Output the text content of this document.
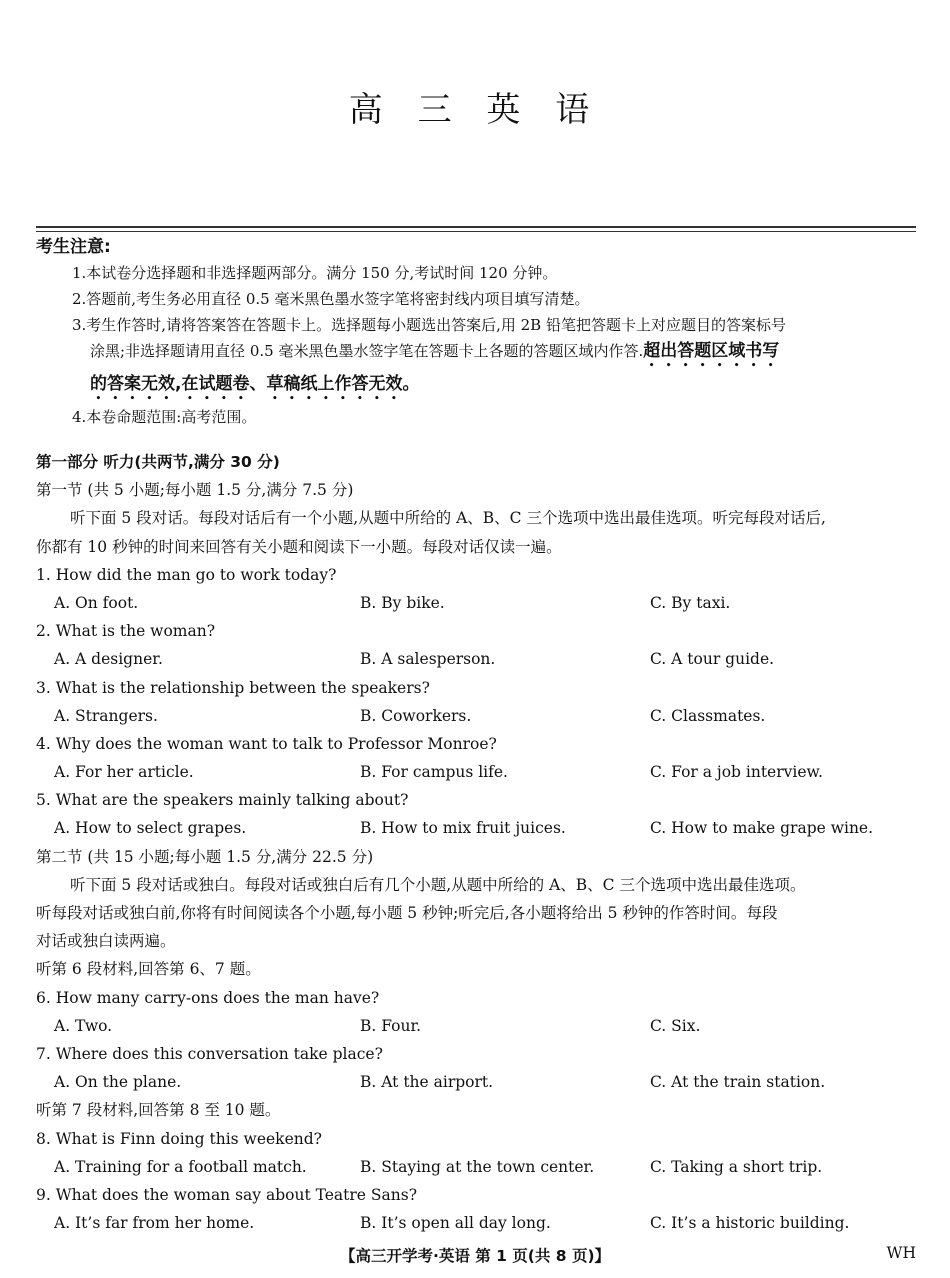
高 三 英 语
考生注意:
1.本试卷分选择题和非选择题两部分。满分 150 分,考试时间 120 分钟。
2.答题前,考生务必用直径 0.5 毫米黑色墨水签字笔将密封线内项目填写清楚。
3.考生作答时,请将答案答在答题卡上。选择题每小题选出答案后,用 2B 铅笔把答题卡上对应题目的答案标号
涂黑;非选择题请用直径 0.5 毫米黑色墨水签字笔在答题卡上各题的答题区域内作答.超出答题区域书写
的答案无效,在试题卷、草稿纸上作答无效。
4.本卷命题范围:高考范围。
第一部分 听力(共两节,满分 30 分)
第一节 (共 5 小题;每小题 1.5 分,满分 7.5 分)
听下面 5 段对话。每段对话后有一个小题,从题中所给的 A、B、C 三个选项中选出最佳选项。听完每段对话后,
你都有 10 秒钟的时间来回答有关小题和阅读下一小题。每段对话仅读一遍。
1. How did the man go to work today?
A. On foot.	B. By bike.	C. By taxi.
2. What is the woman?
A. A designer.	B. A salesperson.	C. A tour guide.
3. What is the relationship between the speakers?
A. Strangers.	B. Coworkers.	C. Classmates.
4. Why does the woman want to talk to Professor Monroe?
A. For her article.	B. For campus life.	C. For a job interview.
5. What are the speakers mainly talking about?
A. How to select grapes.	B. How to mix fruit juices.	C. How to make grape wine.
第二节 (共 15 小题;每小题 1.5 分,满分 22.5 分)
听下面 5 段对话或独白。每段对话或独白后有几个小题,从题中所给的 A、B、C 三个选项中选出最佳选项。
听每段对话或独白前,你将有时间阅读各个小题,每小题 5 秒钟;听完后,各小题将给出 5 秒钟的作答时间。每段
对话或独白读两遍。
听第 6 段材料,回答第 6、7 题。
6. How many carry-ons does the man have?
A. Two.	B. Four.	C. Six.
7. Where does this conversation take place?
A. On the plane.	B. At the airport.	C. At the train station.
听第 7 段材料,回答第 8 至 10 题。
8. What is Finn doing this weekend?
A. Training for a football match.	B. Staying at the town center.	C. Taking a short trip.
9. What does the woman say about Teatre Sans?
A. It’s far from her home.	B. It’s open all day long.	C. It’s a historic building.
【高三开学考·英语 第 1 页(共 8 页)】	WH
